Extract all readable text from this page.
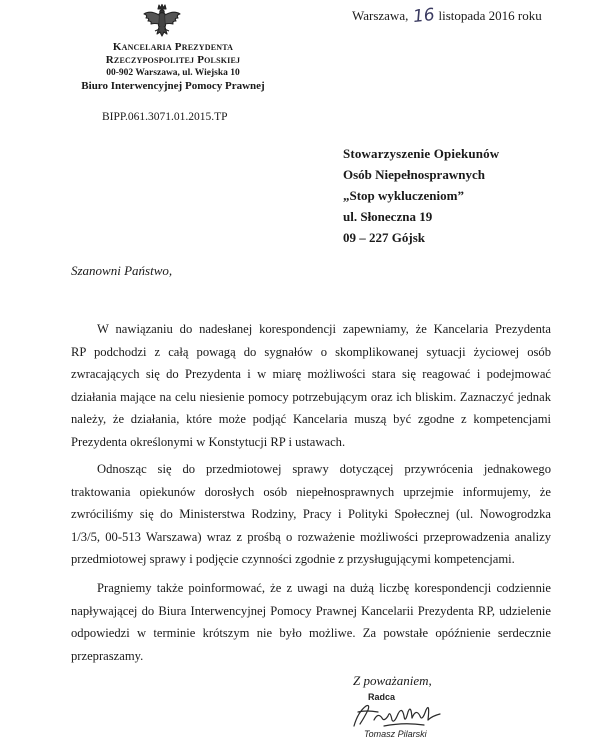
Warszawa, 16 listopada 2016 roku
Kancelaria Prezydenta
Rzeczypospolitej Polskiej
00-902 Warszawa, ul. Wiejska 10
Biuro Interwencyjnej Pomocy Prawnej
BIPP.061.3071.01.2015.TP
Stowarzyszenie Opiekunów
Osób Niepełnosprawnych
„Stop wykluczeniom”
ul. Słoneczna 19
09 – 227 Gójsk
Szanowni Państwo,
W nawiązaniu do nadesłanej korespondencji zapewniamy, że Kancelaria Prezydenta
RP podchodzi z całą powagą do sygnałów o skomplikowanej sytuacji życiowej osób
zwracających się do Prezydenta i w miarę możliwości stara się reagować i podejmować
działania mające na celu niesienie pomocy potrzebującym oraz ich bliskim. Zaznaczyć jednak
należy, że działania, które może podjąć Kancelaria muszą być zgodne z kompetencjami
Prezydenta określonymi w Konstytucji RP i ustawach.
Odnosząc się do przedmiotowej sprawy dotyczącej przywrócenia jednakowego
traktowania opiekunów dorosłych osób niepełnosprawnych uprzejmie informujemy, że
zwróciliśmy się do Ministerstwa Rodziny, Pracy i Polityki Społecznej (ul. Nowogrodzka
1/3/5, 00-513 Warszawa) wraz z prośbą o rozważenie możliwości przeprowadzenia analizy
przedmiotowej sprawy i podjęcie czynności zgodnie z przysługującymi kompetencjami.
Pragniemy także poinformować, że z uwagi na dużą liczbę korespondencji codziennie
napływającej do Biura Interwencyjnej Pomocy Prawnej Kancelarii Prezydenta RP, udzielenie
odpowiedzi w terminie krótszym nie było możliwe. Za powstałe opóźnienie serdecznie
przepraszamy.
Z poważaniem,
Radca
Tomasz Pilarski
